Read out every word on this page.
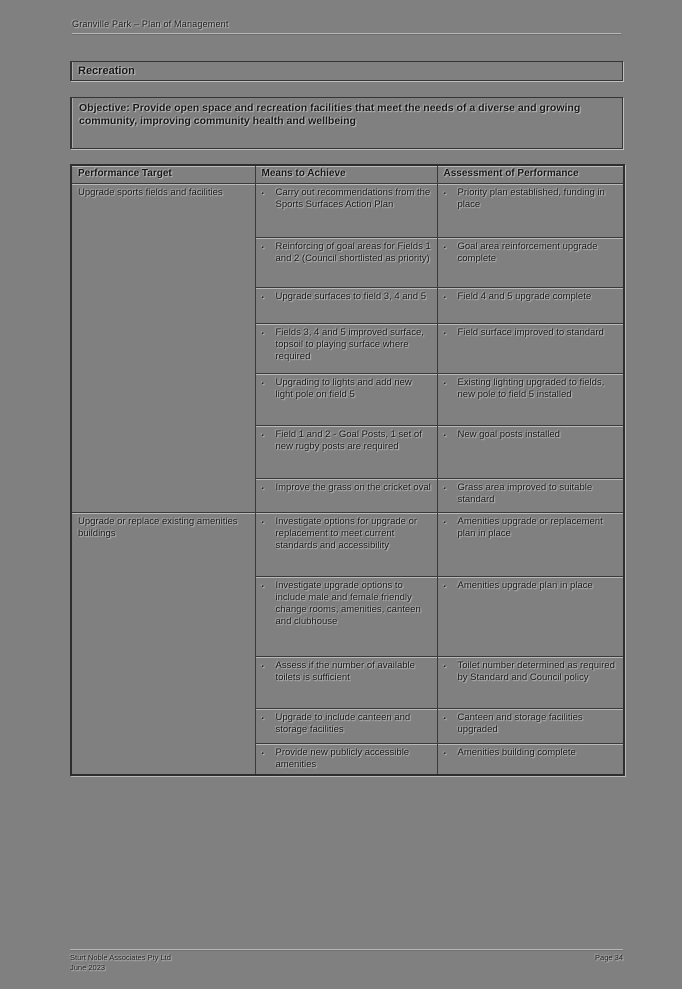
Granville Park – Plan of Management
Recreation
Objective: Provide open space and recreation facilities that meet the needs of a diverse and growing community, improving community health and wellbeing
Performance Target	Means to Achieve	Assessment of Performance
Upgrade sports fields and facilities	▪ Carry out recommendations from the Sports Surfaces Action Plan	▪ Priority plan established, funding in place

	▪ Reinforcing of goal areas for Fields 1 and 2 (Council shortlisted as priority)	▪ Goal area reinforcement upgrade complete

	▪ Upgrade surfaces to field 3, 4 and 5	▪ Field 4 and 5 upgrade complete

	▪ Fields 3, 4 and 5 improved surface, topsoil to playing surface where required	▪ Field surface improved to standard

	▪ Upgrading to lights and add new light pole on field 5	▪ Existing lighting upgraded to fields, new pole to field 5 installed

	▪ Field 1 and 2 - Goal Posts, 1 set of new rugby posts are required	▪ New goal posts installed

	▪ Improve the grass on the cricket oval	▪ Grass area improved to suitable standard

Upgrade or replace existing amenities buildings	▪ Investigate options for upgrade or replacement to meet current standards and accessibility	▪ Amenities upgrade or replacement plan in place

	▪ Investigate upgrade options to include male and female friendly change rooms, amenities, canteen and clubhouse	▪ Amenities upgrade plan in place

	▪ Assess if the number of available toilets is sufficient	▪ Toilet number determined as required by Standard and Council policy

	▪ Upgrade to include canteen and storage facilities	▪ Canteen and storage facilities upgraded

	▪ Provide new publicly accessible amenities	▪ Amenities building complete
Sturt Noble Associates Pty Ltd
June 2023
Page 34
